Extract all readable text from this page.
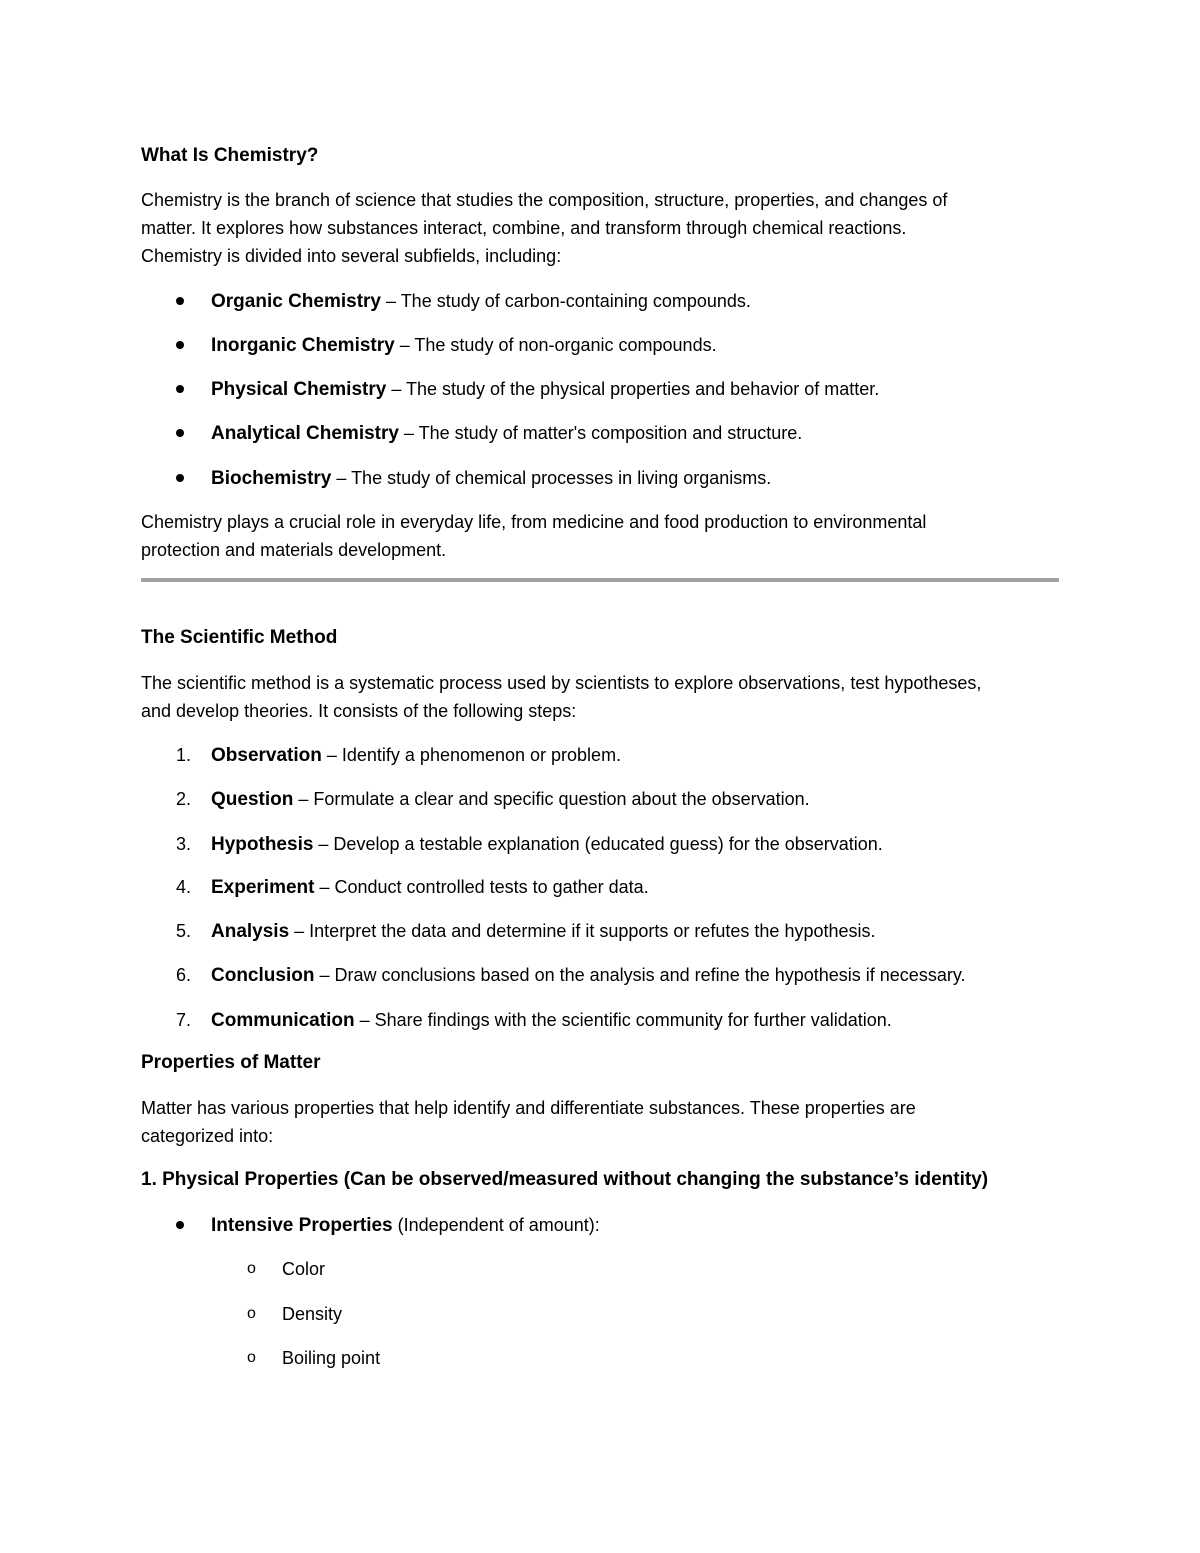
What Is Chemistry?

Chemistry is the branch of science that studies the composition, structure, properties, and changes of
matter. It explores how substances interact, combine, and transform through chemical reactions.
Chemistry is divided into several subfields, including:

Organic Chemistry – The study of carbon-containing compounds.
Inorganic Chemistry – The study of non-organic compounds.
Physical Chemistry – The study of the physical properties and behavior of matter.
Analytical Chemistry – The study of matter's composition and structure.
Biochemistry – The study of chemical processes in living organisms.

Chemistry plays a crucial role in everyday life, from medicine and food production to environmental
protection and materials development.

The Scientific Method

The scientific method is a systematic process used by scientists to explore observations, test hypotheses,
and develop theories. It consists of the following steps:

1. Observation – Identify a phenomenon or problem.
2. Question – Formulate a clear and specific question about the observation.
3. Hypothesis – Develop a testable explanation (educated guess) for the observation.
4. Experiment – Conduct controlled tests to gather data.
5. Analysis – Interpret the data and determine if it supports or refutes the hypothesis.
6. Conclusion – Draw conclusions based on the analysis and refine the hypothesis if necessary.
7. Communication – Share findings with the scientific community for further validation.
Properties of Matter

Matter has various properties that help identify and differentiate substances. These properties are
categorized into:

1. Physical Properties (Can be observed/measured without changing the substance’s identity)
Intensive Properties (Independent of amount):
o Color
o Density
o Boiling point
